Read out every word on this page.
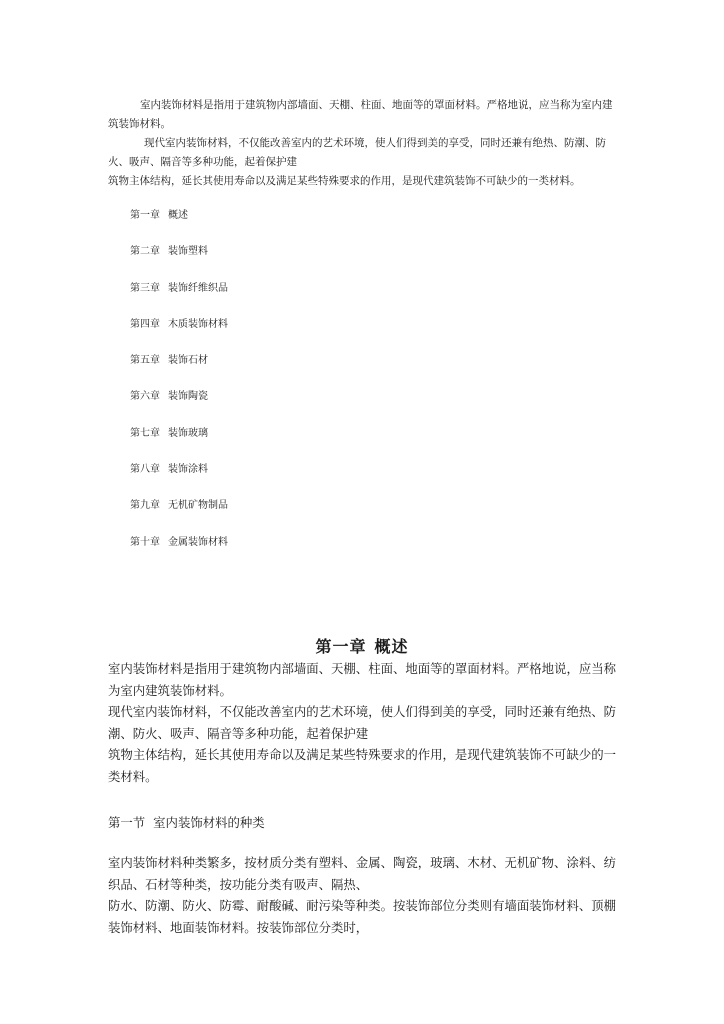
室内装饰材料是指用于建筑物内部墙面、天棚、柱面、地面等的罩面材料。严格地说，应当称为室内建筑装饰材料。

现代室内装饰材料，不仅能改善室内的艺术环境，使人们得到美的享受，同时还兼有绝热、防潮、防火、吸声、隔音等多种功能，起着保护建

筑物主体结构，延长其使用寿命以及满足某些特殊要求的作用，是现代建筑装饰不可缺少的一类材料。

第一章 概述
第二章 装饰塑料
第三章 装饰纤维织品
第四章 木质装饰材料
第五章 装饰石材
第六章 装饰陶瓷
第七章 装饰玻璃
第八章 装饰涂料
第九章 无机矿物制品
第十章 金属装饰材料
第一章 概述

室内装饰材料是指用于建筑物内部墙面、天棚、柱面、地面等的罩面材料。严格地说，应当称为室内建筑装饰材料。

现代室内装饰材料，不仅能改善室内的艺术环境，使人们得到美的享受，同时还兼有绝热、防潮、防火、吸声、隔音等多种功能，起着保护建

筑物主体结构，延长其使用寿命以及满足某些特殊要求的作用，是现代建筑装饰不可缺少的一类材料。

第一节 室内装饰材料的种类

室内装饰材料种类繁多，按材质分类有塑料、金属、陶瓷，玻璃、木材、无机矿物、涂料、纺织品、石材等种类，按功能分类有吸声、隔热、

防水、防潮、防火、防霉、耐酸碱、耐污染等种类。按装饰部位分类则有墙面装饰材料、顶棚装饰材料、地面装饰材料。按装饰部位分类时，
